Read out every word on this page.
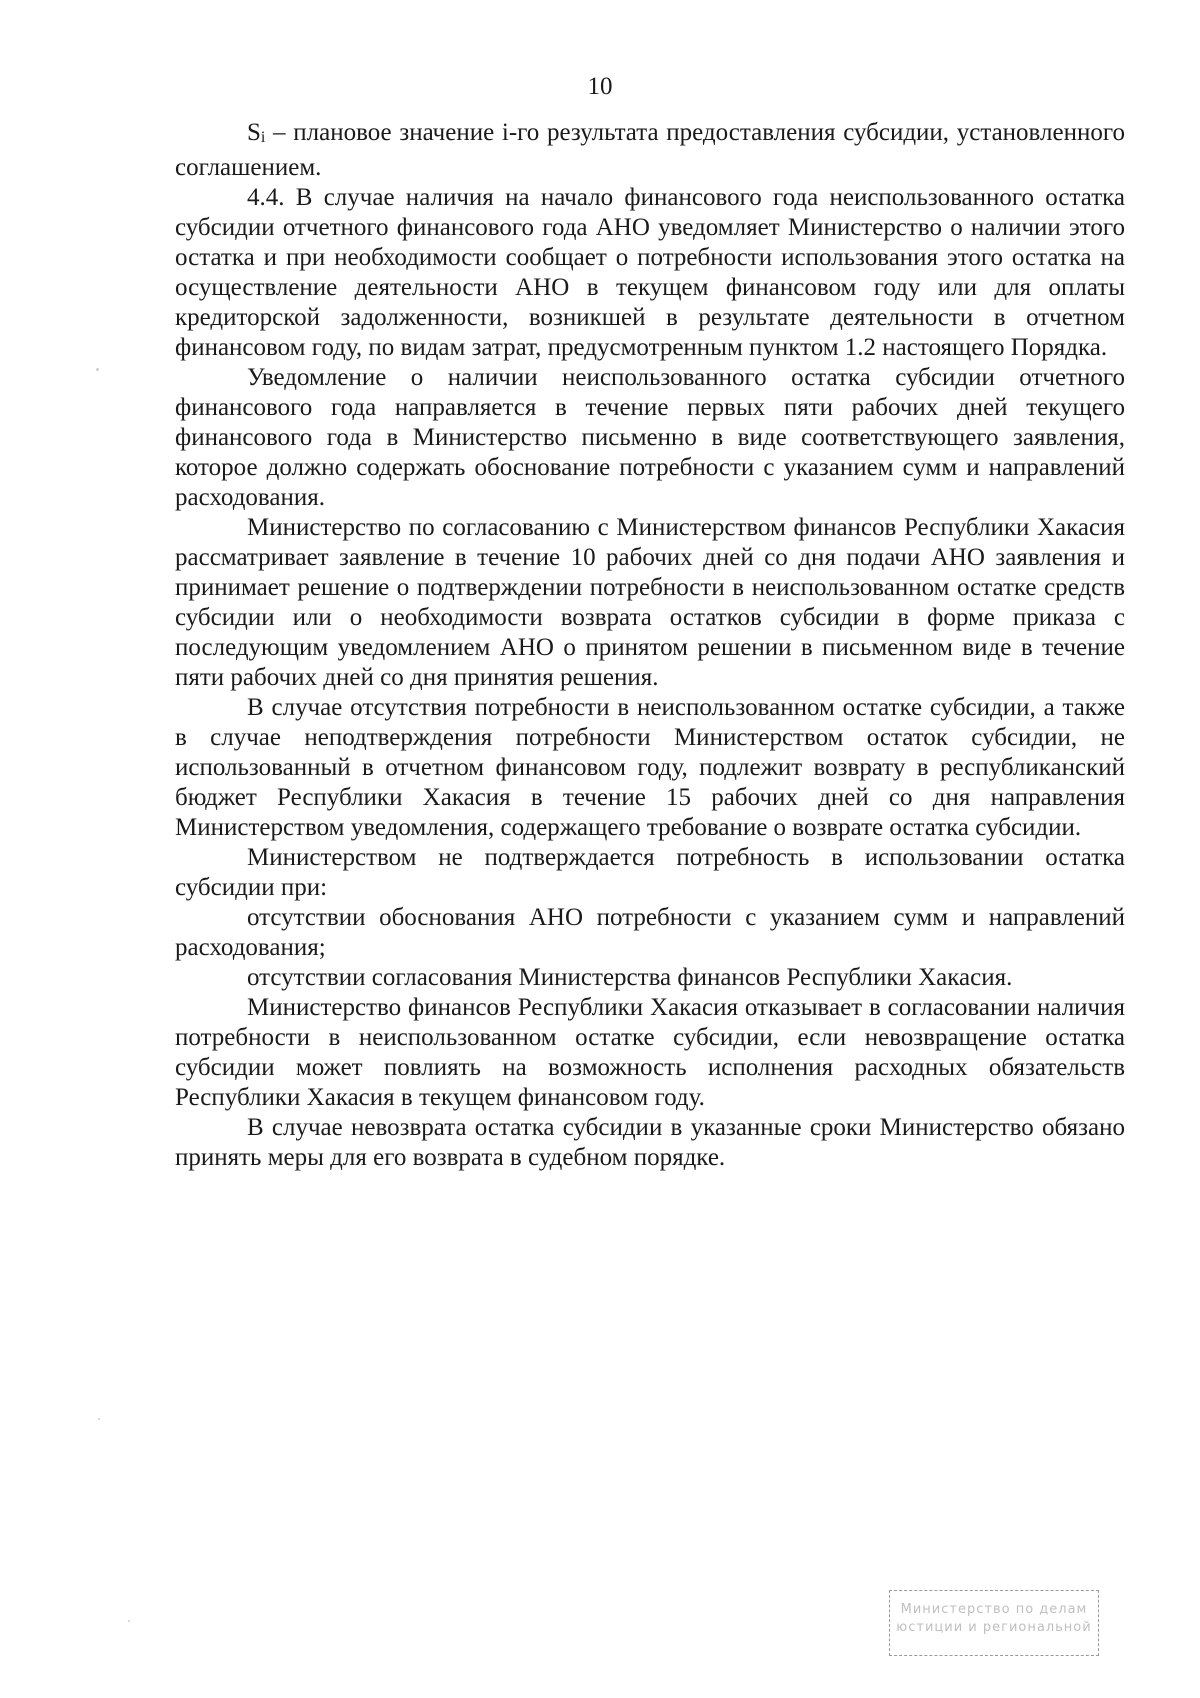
10

Si – плановое значение i-го результата предоставления субсидии, установленного соглашением.

4.4. В случае наличия на начало финансового года неиспользованного остатка субсидии отчетного финансового года АНО уведомляет Министерство о наличии этого остатка и при необходимости сообщает о потребности использования этого остатка на осуществление деятельности АНО в текущем финансовом году или для оплаты кредиторской задолженности, возникшей в результате деятельности в отчетном финансовом году, по видам затрат, предусмотренным пунктом 1.2 настоящего Порядка.

Уведомление о наличии неиспользованного остатка субсидии отчетного финансового года направляется в течение первых пяти рабочих дней текущего финансового года в Министерство письменно в виде соответствующего заявления, которое должно содержать обоснование потребности с указанием сумм и направлений расходования.

Министерство по согласованию с Министерством финансов Республики Хакасия рассматривает заявление в течение 10 рабочих дней со дня подачи АНО заявления и принимает решение о подтверждении потребности в неиспользованном остатке средств субсидии или о необходимости возврата остатков субсидии в форме приказа с последующим уведомлением АНО о принятом решении в письменном виде в течение пяти рабочих дней со дня принятия решения.

В случае отсутствия потребности в неиспользованном остатке субсидии, а также в случае неподтверждения потребности Министерством остаток субсидии, не использованный в отчетном финансовом году, подлежит возврату в республиканский бюджет Республики Хакасия в течение 15 рабочих дней со дня направления Министерством уведомления, содержащего требование о возврате остатка субсидии.

Министерством не подтверждается потребность в использовании остатка субсидии при:

отсутствии обоснования АНО потребности с указанием сумм и направлений расходования;

отсутствии согласования Министерства финансов Республики Хакасия.

Министерство финансов Республики Хакасия отказывает в согласовании наличия потребности в неиспользованном остатке субсидии, если невозвращение остатка субсидии может повлиять на возможность исполнения расходных обязательств Республики Хакасия в текущем финансовом году.

В случае невозврата остатка субсидии в указанные сроки Министерство обязано принять меры для его возврата в судебном порядке.

Министерство по делам
юстиции и региональной
